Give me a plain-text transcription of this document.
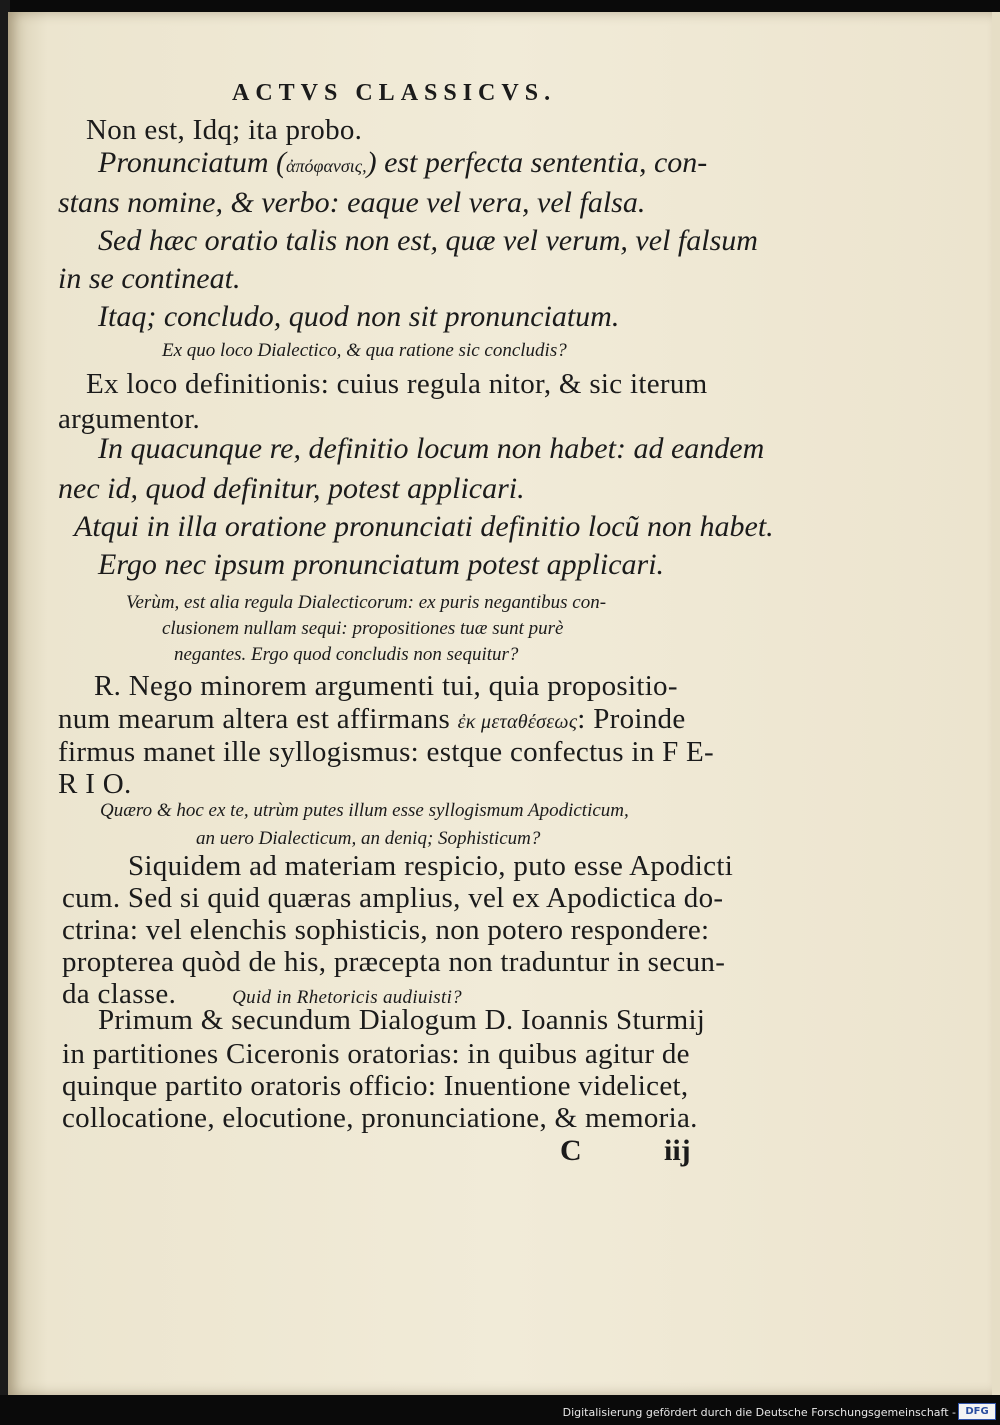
ACTVS CLASSICVS.
Non est, Idq; ita probo.
Pronunciatum (ἀπόφανσις,) est perfecta sententia, con-
stans nomine, & verbo: eaque vel vera, vel falsa.
Sed hæc oratio talis non est, quæ vel verum, vel falsum
in se contineat.
Itaq; concludo, quod non sit pronunciatum.
Ex quo loco Dialectico, & qua ratione sic concludis?
Ex loco definitionis: cuius regula nitor, & sic iterum
argumentor.
In quacunque re, definitio locum non habet: ad eandem
nec id, quod definitur, potest applicari.
Atqui in illa oratione pronunciati definitio locũ non habet.
Ergo nec ipsum pronunciatum potest applicari.
Verùm, est alia regula Dialecticorum: ex puris negantibus con-
clusionem nullam sequi: propositiones tuæ sunt purè
negantes. Ergo quod concludis non sequitur?
R. Nego minorem argumenti tui, quia propositio-
num mearum altera est affirmans ἐκ μεταθέσεως: Proinde
firmus manet ille syllogismus: estque confectus in F E-
R I O.
Quæro & hoc ex te, utrùm putes illum esse syllogismum Apodicticum,
an uero Dialecticum, an deniq; Sophisticum?
Siquidem ad materiam respicio, puto esse Apodicti
cum. Sed si quid quæras amplius, vel ex Apodictica do-
ctrina: vel elenchis sophisticis, non potero respondere:
propterea quòd de his, præcepta non traduntur in secun-
da classe.	Quid in Rhetoricis audiuisti?
Primum & secundum Dialogum D. Ioannis Sturmij
in partitiones Ciceronis oratorias: in quibus agitur de
quinque partito oratoris officio: Inuentione videlicet,
collocatione, elocutione, pronunciatione, & memoria.
C	iij
Digitalisierung gefördert durch die Deutsche Forschungsgemeinschaft - DFG
